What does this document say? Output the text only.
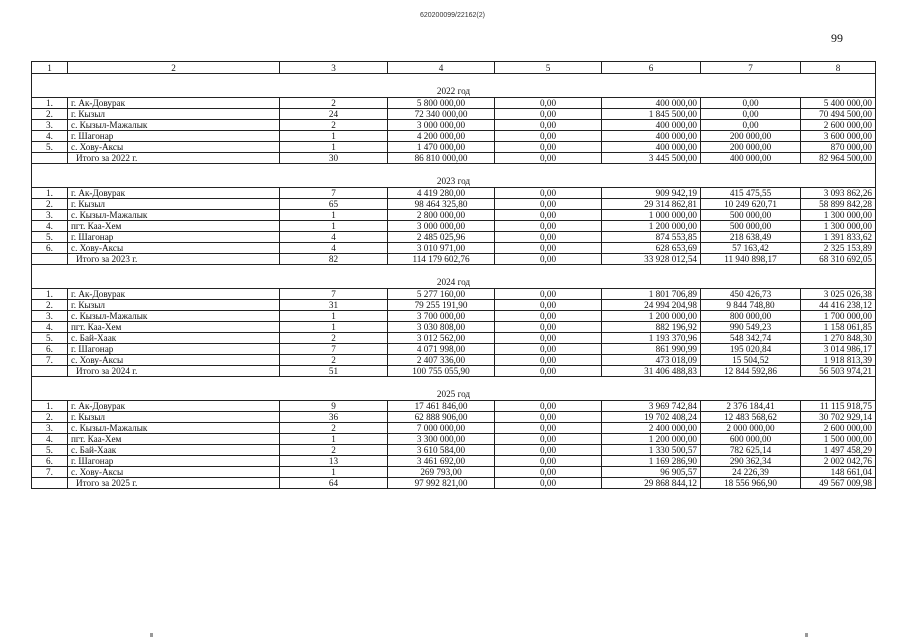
620200099/22162(2)
99
1	2	3	4	5	6	7	8
2022 год							
1.	г. Ак-Довурак	2	5 800 000,00	0,00	400 000,00	0,00	5 400 000,00
2.	г. Кызыл	24	72 340 000,00	0,00	1 845 500,00	0,00	70 494 500,00
3.	с. Кызыл-Мажалык	2	3 000 000,00	0,00	400 000,00	0,00	2 600 000,00
4.	г. Шагонар	1	4 200 000,00	0,00	400 000,00	200 000,00	3 600 000,00
5.	с. Хову-Аксы	1	1 470 000,00	0,00	400 000,00	200 000,00	870 000,00
	Итого за 2022 г.	30	86 810 000,00	0,00	3 445 500,00	400 000,00	82 964 500,00
2023 год							
1.	г. Ак-Довурак	7	4 419 280,00	0,00	909 942,19	415 475,55	3 093 862,26
2.	г. Кызыл	65	98 464 325,80	0,00	29 314 862,81	10 249 620,71	58 899 842,28
3.	с. Кызыл-Мажалык	1	2 800 000,00	0,00	1 000 000,00	500 000,00	1 300 000,00
4.	пгт. Каа-Хем	1	3 000 000,00	0,00	1 200 000,00	500 000,00	1 300 000,00
5.	г. Шагонар	4	2 485 025,96	0,00	874 553,85	218 638,49	1 391 833,62
6.	с. Хову-Аксы	4	3 010 971,00	0,00	628 653,69	57 163,42	2 325 153,89
	Итого за 2023 г.	82	114 179 602,76	0,00	33 928 012,54	11 940 898,17	68 310 692,05
2024 год							
1.	г. Ак-Довурак	7	5 277 160,00	0,00	1 801 706,89	450 426,73	3 025 026,38
2.	г. Кызыл	31	79 255 191,90	0,00	24 994 204,98	9 844 748,80	44 416 238,12
3.	с. Кызыл-Мажалык	1	3 700 000,00	0,00	1 200 000,00	800 000,00	1 700 000,00
4.	пгт. Каа-Хем	1	3 030 808,00	0,00	882 196,92	990 549,23	1 158 061,85
5.	с. Бай-Хаак	2	3 012 562,00	0,00	1 193 370,96	548 342,74	1 270 848,30
6.	г. Шагонар	7	4 071 998,00	0,00	861 990,99	195 020,84	3 014 986,17
7.	с. Хову-Аксы	2	2 407 336,00	0,00	473 018,09	15 504,52	1 918 813,39
	Итого за 2024 г.	51	100 755 055,90	0,00	31 406 488,83	12 844 592,86	56 503 974,21
2025 год							
1.	г. Ак-Довурак	9	17 461 846,00	0,00	3 969 742,84	2 376 184,41	11 115 918,75
2.	г. Кызыл	36	62 888 906,00	0,00	19 702 408,24	12 483 568,62	30 702 929,14
3.	с. Кызыл-Мажалык	2	7 000 000,00	0,00	2 400 000,00	2 000 000,00	2 600 000,00
4.	пгт. Каа-Хем	1	3 300 000,00	0,00	1 200 000,00	600 000,00	1 500 000,00
5.	с. Бай-Хаак	2	3 610 584,00	0,00	1 330 500,57	782 625,14	1 497 458,29
6.	г. Шагонар	13	3 461 692,00	0,00	1 169 286,90	290 362,34	2 002 042,76
7.	с. Хову-Аксы	1	269 793,00	0,00	96 905,57	24 226,39	148 661,04
	Итого за 2025 г.	64	97 992 821,00	0,00	29 868 844,12	18 556 966,90	49 567 009,98
